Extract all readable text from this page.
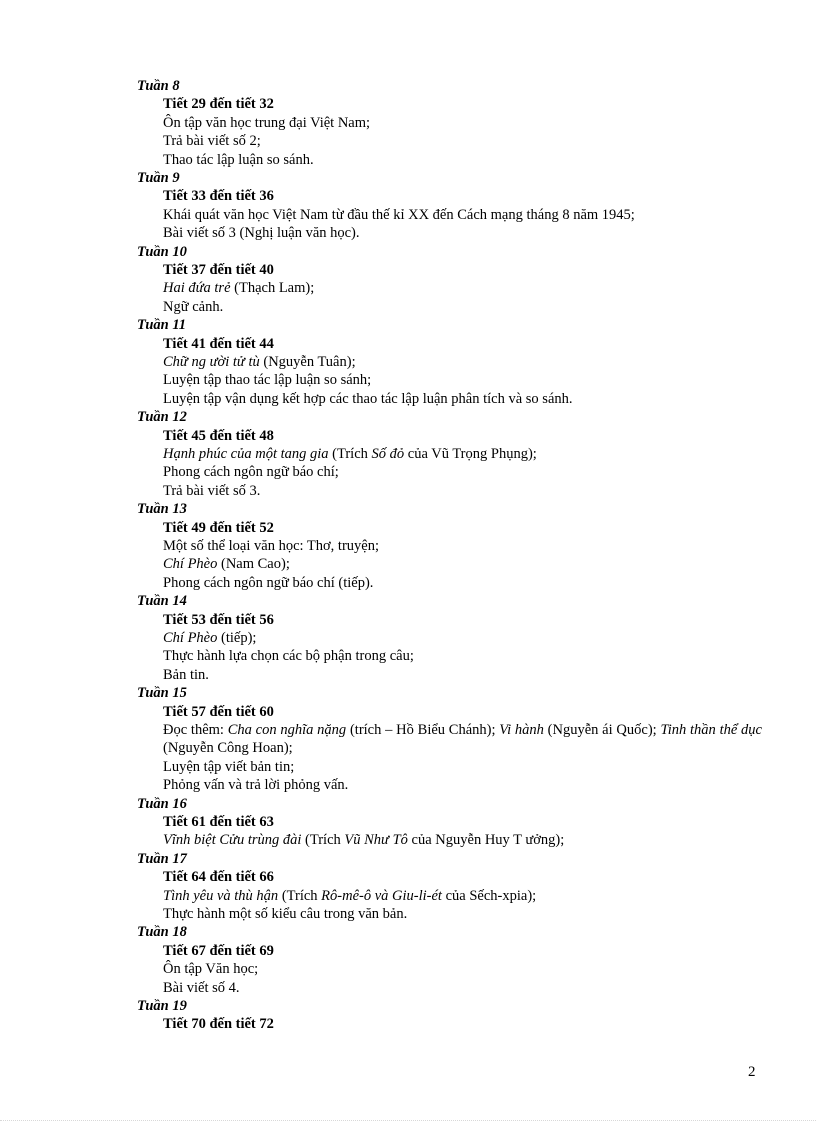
Tuần 8
Tiết 29 đến tiết 32
Ôn tập văn học trung đại Việt Nam;
Trả bài viết số 2;
Thao tác lập luận so sánh.
Tuần 9
Tiết 33 đến tiết 36
Khái quát văn học Việt Nam từ đầu thế kỉ XX đến Cách mạng tháng 8 năm 1945;
Bài viết số 3 (Nghị luận văn học).
Tuần 10
Tiết 37 đến tiết 40
Hai đứa trẻ (Thạch Lam);
Ngữ cảnh.
Tuần 11
Tiết 41 đến tiết 44
Chữ ng ười tử tù (Nguyễn Tuân);
Luyện tập thao tác lập luận so sánh;
Luyện tập vận dụng kết hợp các thao tác lập luận phân tích và so sánh.
Tuần 12
Tiết 45 đến tiết 48
Hạnh phúc của một tang gia (Trích Số đỏ của Vũ Trọng Phụng);
Phong cách ngôn ngữ báo chí;
Trả bài viết số 3.
Tuần 13
Tiết 49 đến tiết 52
Một số thể loại văn học: Thơ, truyện;
Chí Phèo (Nam Cao);
Phong cách ngôn ngữ báo chí (tiếp).
Tuần 14
Tiết 53 đến tiết 56
Chí Phèo (tiếp);
Thực hành lựa chọn các bộ phận trong câu;
Bản tin.
Tuần 15
Tiết 57 đến tiết 60
Đọc thêm: Cha con nghĩa nặng (trích – Hồ Biểu Chánh); Vi hành (Nguyễn ái Quốc); Tinh thần thể dục (Nguyễn Công Hoan);
Luyện tập viết bản tin;
Phỏng vấn và trả lời phỏng vấn.
Tuần 16
Tiết 61 đến tiết 63
Vĩnh biệt Cửu trùng đài (Trích Vũ Như Tô của Nguyễn Huy T ưởng);
Tuần 17
Tiết 64 đến tiết 66
Tình yêu và thù hận (Trích Rô-mê-ô và Giu-li-ét của Sếch-xpia);
Thực hành một số kiểu câu trong văn bản.
Tuần 18
Tiết 67 đến tiết 69
Ôn tập Văn học;
Bài viết số 4.
Tuần 19
Tiết 70 đến tiết 72
2
